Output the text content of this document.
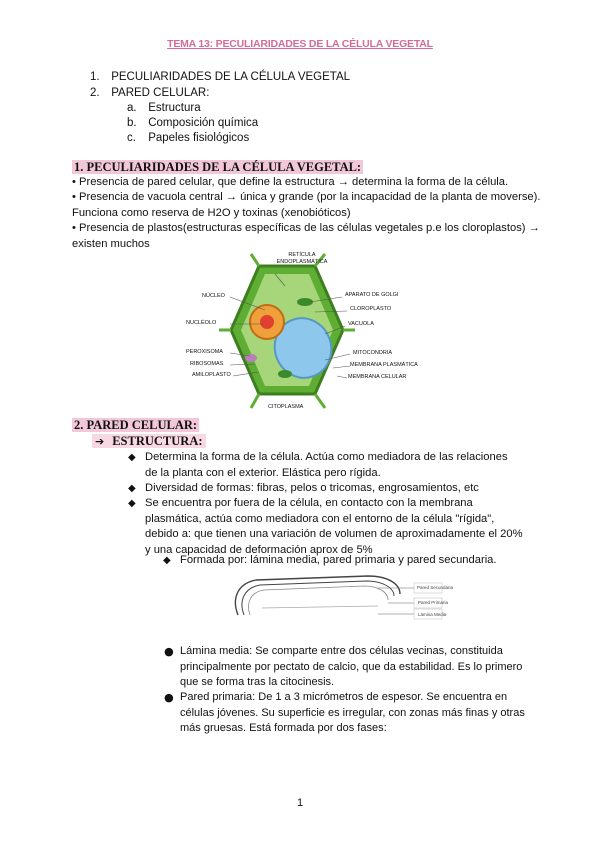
TEMA 13: PECULIARIDADES DE LA CÉLULA VEGETAL
1. PECULIARIDADES DE LA CÉLULA VEGETAL
2. PARED CELULAR:
a. Estructura
b. Composición química
c. Papeles fisiológicos
1. PECULIARIDADES DE LA CÉLULA VEGETAL:
• Presencia de pared celular, que define la estructura → determina la forma de la célula.
• Presencia de vacuola central → única y grande (por la incapacidad de la planta de moverse). Funciona como reserva de H2O y toxinas (xenobióticos)
• Presencia de plastos(estructuras específicas de las células vegetales p.e los cloroplastos) → existen muchos
RETÍCULA ENDOPLASMÁTICA
NÚCLEO
NUCLÉOLO
PEROXISOMA
RIBOSOMAS
AMILOPLASTO
APARATO DE GOLGI
CLOROPLASTO
VACUOLA
MITOCONDRIA
MEMBRANA PLASMÁTICA
MEMBRANA CELULAR
CITOPLASMA
2. PARED CELULAR:
➔ ESTRUCTURA:
◆ Determina la forma de la célula. Actúa como mediadora de las relaciones de la planta con el exterior. Elástica pero rígida.
◆ Diversidad de formas: fibras, pelos o tricomas, engrosamientos, etc
◆ Se encuentra por fuera de la célula, en contacto con la membrana plasmática, actúa como mediadora con el entorno de la célula "rígida", debido a: que tienen una variación de volumen de aproximadamente el 20% y una capacidad de deformación aprox de 5%
◆ Formada por: lámina media, pared primaria y pared secundaria.
Pared Secundaria
Pared Primaria
Lámina Media
● Lámina media: Se comparte entre dos células vecinas, constituida principalmente por pectato de calcio, que da estabilidad. Es lo primero que se forma tras la citocinesis.
● Pared primaria: De 1 a 3 micrómetros de espesor. Se encuentra en células jóvenes. Su superficie es irregular, con zonas más finas y otras más gruesas. Está formada por dos fases:
1
